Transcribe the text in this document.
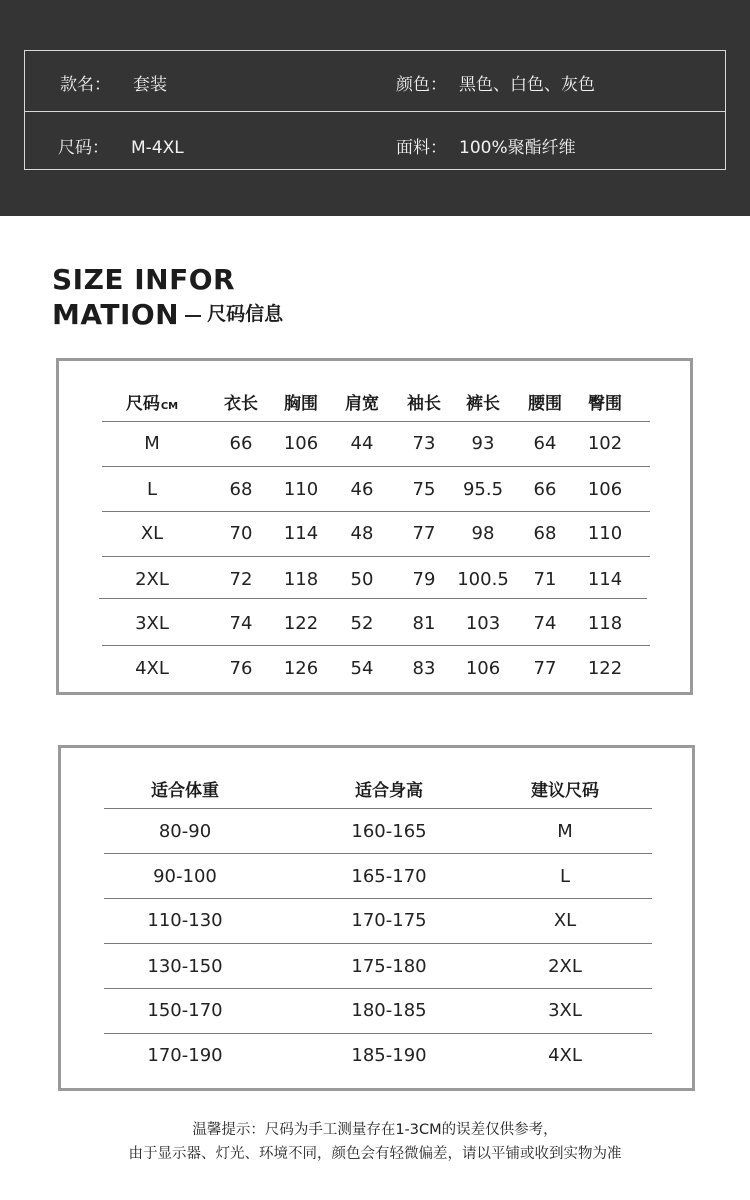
款名： 套装	颜色： 黑色、白色、灰色
尺码： M-4XL	面料： 100%聚酯纤维
SIZE INFOR
MATION 尺码信息
尺码CM	衣长	胸围	肩宽	袖长	裤长	腰围	臀围
M	66	106	44	73	93	64	102
L	68	110	46	75	95.5	66	106
XL	70	114	48	77	98	68	110
2XL	72	118	50	79	100.5	71	114
3XL	74	122	52	81	103	74	118
4XL	76	126	54	83	106	77	122
适合体重	适合身高	建议尺码
80-90	160-165	M
90-100	165-170	L
110-130	170-175	XL
130-150	175-180	2XL
150-170	180-185	3XL
170-190	185-190	4XL
温馨提示：尺码为手工测量存在1-3CM的误差仅供参考，
由于显示器、灯光、环境不同，颜色会有轻微偏差，请以平铺或收到实物为准
